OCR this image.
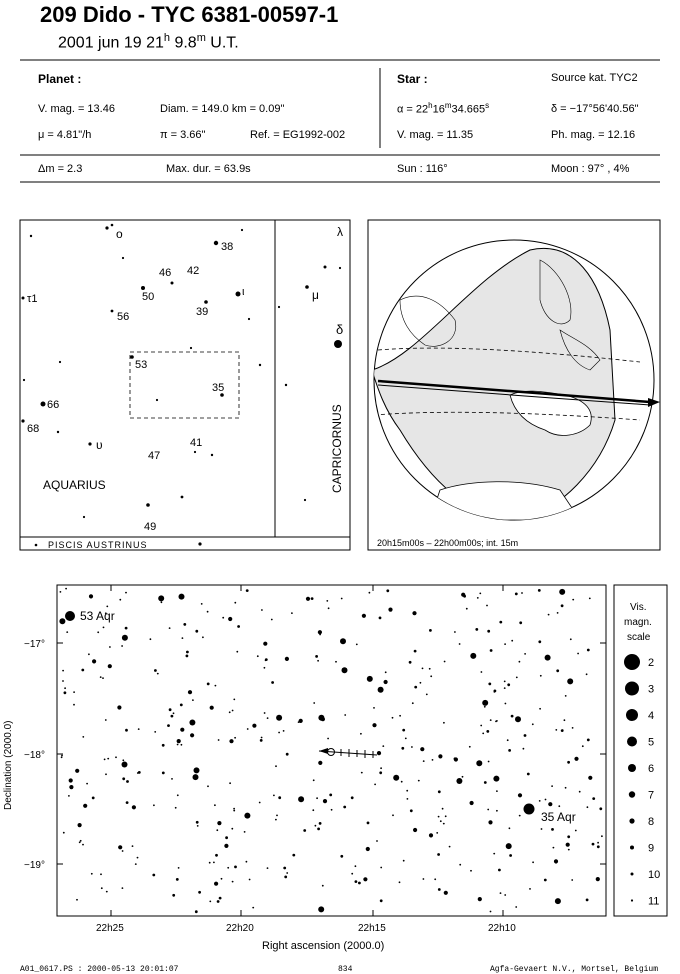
209 Dido - TYC 6381-00597-1
2001 jun 19 21$^h$ 9.8$^m$ U.T.
Planet :
V. mag. = 13.46	Diam. = 149.0 km = 0.09"
μ = 4.81"/h	π = 3.66"	Ref. = EG1992-002
Δm = 2.3	Max. dur. = 63.9s
Star :	Source kat. TYC2
$\alpha = 22^h16^m34.665^s$	δ = −17°56'40.56"
V. mag. = 11.35	Ph. mag. = 12.16
Sun : 116°	Moon : 97° , 4%
38
46 42
50	ι	μ
39
56
τ1
53
35
66
68
υ	41
47
49
λ
δ
o
AQUARIUS	CAPRICORNUS
PISCIS AUSTRINUS	20h15m00s – 22h00m00s; int. 15m
22h25	22h20	22h15	22h10
−17°
−18°
−19°
Right ascension (2000.0)
Declination (2000.0)
53 Aqr
35 Aqr
Vis.
magn.
scale
2
3
4
5
6
7
8
9
10
11
A01_0617.PS : 2000-05-13 20:01:07	834	Agfa-Gevaert N.V., Mortsel, Belgium
